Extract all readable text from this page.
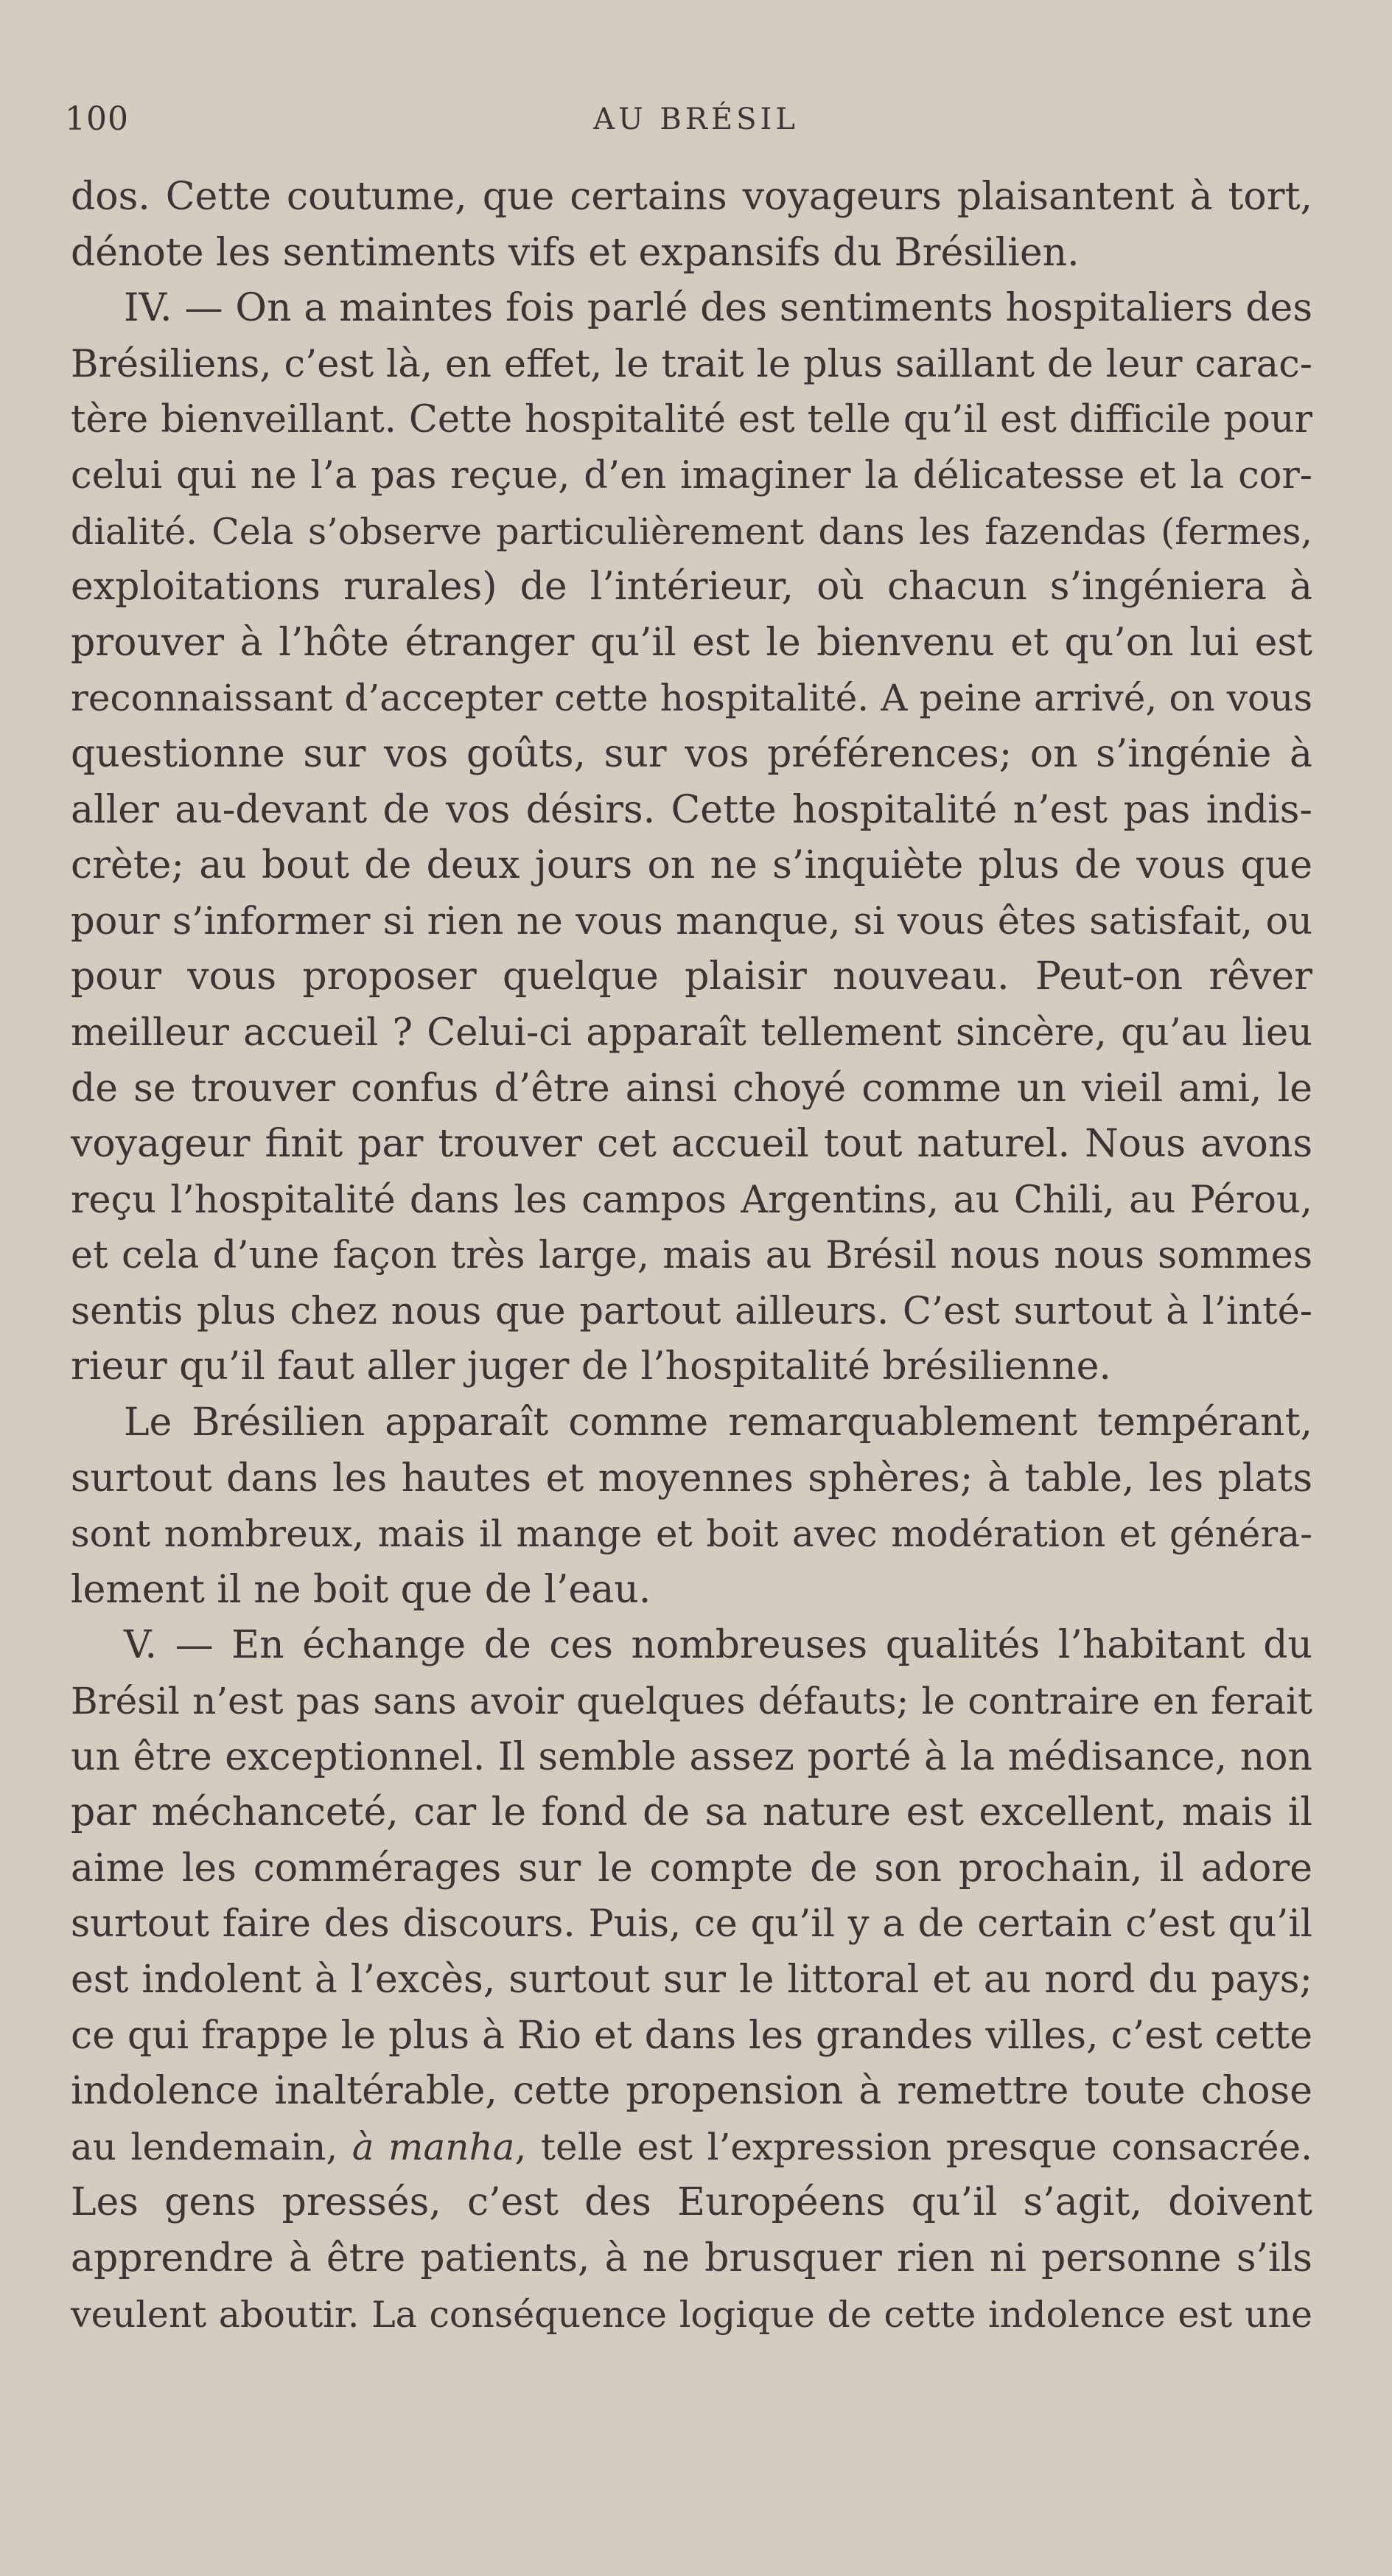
100	AU BRÉSIL
dos. Cette coutume, que certains voyageurs plaisantent à tort,
dénote les sentiments vifs et expansifs du Brésilien.
IV. — On a maintes fois parlé des sentiments hospitaliers des
Brésiliens, c’est là, en effet, le trait le plus saillant de leur carac-
tère bienveillant. Cette hospitalité est telle qu’il est difficile pour
celui qui ne l’a pas reçue, d’en imaginer la délicatesse et la cor-
dialité. Cela s’observe particulièrement dans les fazendas (fermes,
exploitations rurales) de l’intérieur, où chacun s’ingéniera à
prouver à l’hôte étranger qu’il est le bienvenu et qu’on lui est
reconnaissant d’accepter cette hospitalité. A peine arrivé, on vous
questionne sur vos goûts, sur vos préférences; on s’ingénie à
aller au-devant de vos désirs. Cette hospitalité n’est pas indis-
crète; au bout de deux jours on ne s’inquiète plus de vous que
pour s’informer si rien ne vous manque, si vous êtes satisfait, ou
pour vous proposer quelque plaisir nouveau. Peut-on rêver
meilleur accueil ? Celui-ci apparaît tellement sincère, qu’au lieu
de se trouver confus d’être ainsi choyé comme un vieil ami, le
voyageur finit par trouver cet accueil tout naturel. Nous avons
reçu l’hospitalité dans les campos Argentins, au Chili, au Pérou,
et cela d’une façon très large, mais au Brésil nous nous sommes
sentis plus chez nous que partout ailleurs. C’est surtout à l’inté-
rieur qu’il faut aller juger de l’hospitalité brésilienne.
Le Brésilien apparaît comme remarquablement tempérant,
surtout dans les hautes et moyennes sphères; à table, les plats
sont nombreux, mais il mange et boit avec modération et généra-
lement il ne boit que de l’eau.
V. — En échange de ces nombreuses qualités l’habitant du
Brésil n’est pas sans avoir quelques défauts; le contraire en ferait
un être exceptionnel. Il semble assez porté à la médisance, non
par méchanceté, car le fond de sa nature est excellent, mais il
aime les commérages sur le compte de son prochain, il adore
surtout faire des discours. Puis, ce qu’il y a de certain c’est qu’il
est indolent à l’excès, surtout sur le littoral et au nord du pays;
ce qui frappe le plus à Rio et dans les grandes villes, c’est cette
indolence inaltérable, cette propension à remettre toute chose
au lendemain, à manha, telle est l’expression presque consacrée.
Les gens pressés, c’est des Européens qu’il s’agit, doivent
apprendre à être patients, à ne brusquer rien ni personne s’ils
veulent aboutir. La conséquence logique de cette indolence est une
